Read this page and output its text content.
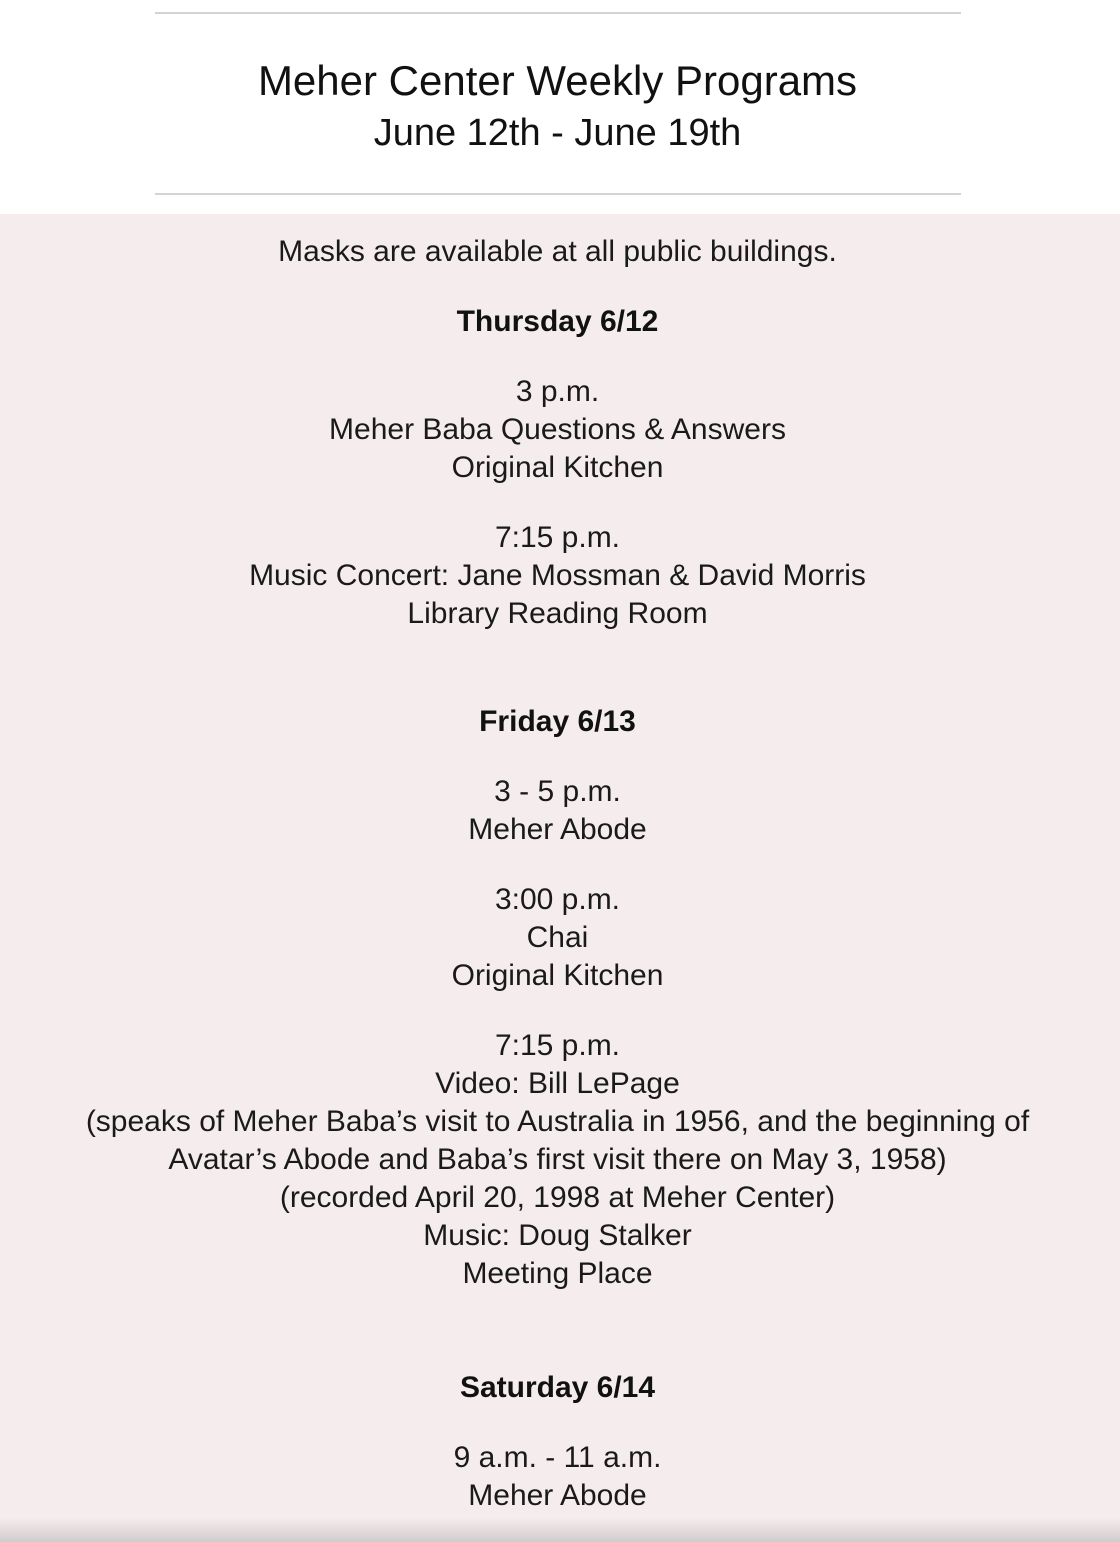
Meher Center Weekly Programs
June 12th - June 19th
Masks are available at all public buildings.
Thursday 6/12
3 p.m.
Meher Baba Questions & Answers
Original Kitchen
7:15 p.m.
Music Concert: Jane Mossman & David Morris
Library Reading Room
Friday 6/13
3 - 5 p.m.
Meher Abode
3:00 p.m.
Chai
Original Kitchen
7:15 p.m.
Video: Bill LePage
(speaks of Meher Baba’s visit to Australia in 1956, and the beginning of
Avatar’s Abode and Baba’s first visit there on May 3, 1958)
(recorded April 20, 1998 at Meher Center)
Music: Doug Stalker
Meeting Place
Saturday 6/14
9 a.m. - 11 a.m.
Meher Abode
